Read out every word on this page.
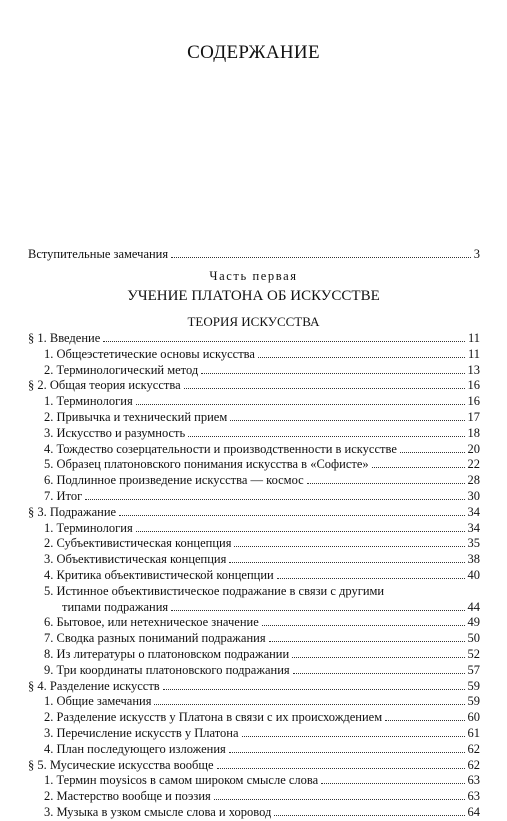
СОДЕРЖАНИЕ
Вступительные замечания	3
Часть первая
УЧЕНИЕ ПЛАТОНА ОБ ИСКУССТВЕ
ТЕОРИЯ ИСКУССТВА
§ 1. Введение	11
1. Общеэстетические основы искусства	11
2. Терминологический метод	13
§ 2. Общая теория искусства	16
1. Терминология	16
2. Привычка и технический прием	17
3. Искусство и разумность	18
4. Тождество созерцательности и производственности в искусстве	20
5. Образец платоновского понимания искусства в «Софисте»	22
6. Подлинное произведение искусства — космос	28
7. Итог	30
§ 3. Подражание	34
1. Терминология	34
2. Субъективистическая концепция	35
3. Объективистическая концепция	38
4. Критика объективистической концепции	40
5. Истинное объективистическое подражание в связи с другими
типами подражания	44
6. Бытовое, или нетехническое значение	49
7. Сводка разных пониманий подражания	50
8. Из литературы о платоновском подражании	52
9. Три координаты платоновского подражания	57
§ 4. Разделение искусств	59
1. Общие замечания	59
2. Разделение искусств у Платона в связи с их происхождением	60
3. Перечисление искусств у Платона	61
4. План последующего изложения	62
§ 5. Мусические искусства вообще	62
1. Термин moysicos в самом широком смысле слова	63
2. Мастерство вообще и поэзия	63
3. Музыка в узком смысле слова и хоровод	64
